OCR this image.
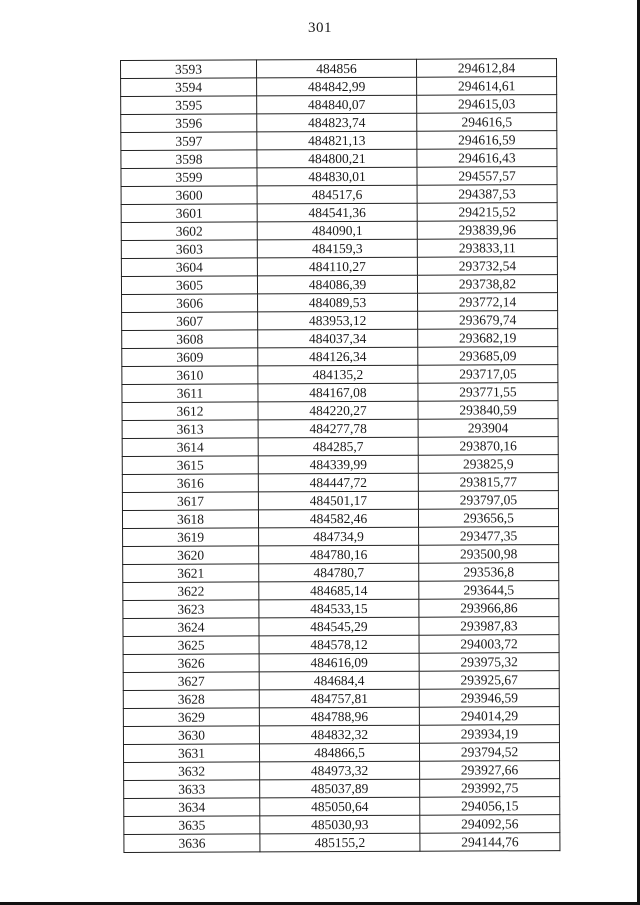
301
3593	484856	294612,84
3594	484842,99	294614,61
3595	484840,07	294615,03
3596	484823,74	294616,5
3597	484821,13	294616,59
3598	484800,21	294616,43
3599	484830,01	294557,57
3600	484517,6	294387,53
3601	484541,36	294215,52
3602	484090,1	293839,96
3603	484159,3	293833,11
3604	484110,27	293732,54
3605	484086,39	293738,82
3606	484089,53	293772,14
3607	483953,12	293679,74
3608	484037,34	293682,19
3609	484126,34	293685,09
3610	484135,2	293717,05
3611	484167,08	293771,55
3612	484220,27	293840,59
3613	484277,78	293904
3614	484285,7	293870,16
3615	484339,99	293825,9
3616	484447,72	293815,77
3617	484501,17	293797,05
3618	484582,46	293656,5
3619	484734,9	293477,35
3620	484780,16	293500,98
3621	484780,7	293536,8
3622	484685,14	293644,5
3623	484533,15	293966,86
3624	484545,29	293987,83
3625	484578,12	294003,72
3626	484616,09	293975,32
3627	484684,4	293925,67
3628	484757,81	293946,59
3629	484788,96	294014,29
3630	484832,32	293934,19
3631	484866,5	293794,52
3632	484973,32	293927,66
3633	485037,89	293992,75
3634	485050,64	294056,15
3635	485030,93	294092,56
3636	485155,2	294144,76
